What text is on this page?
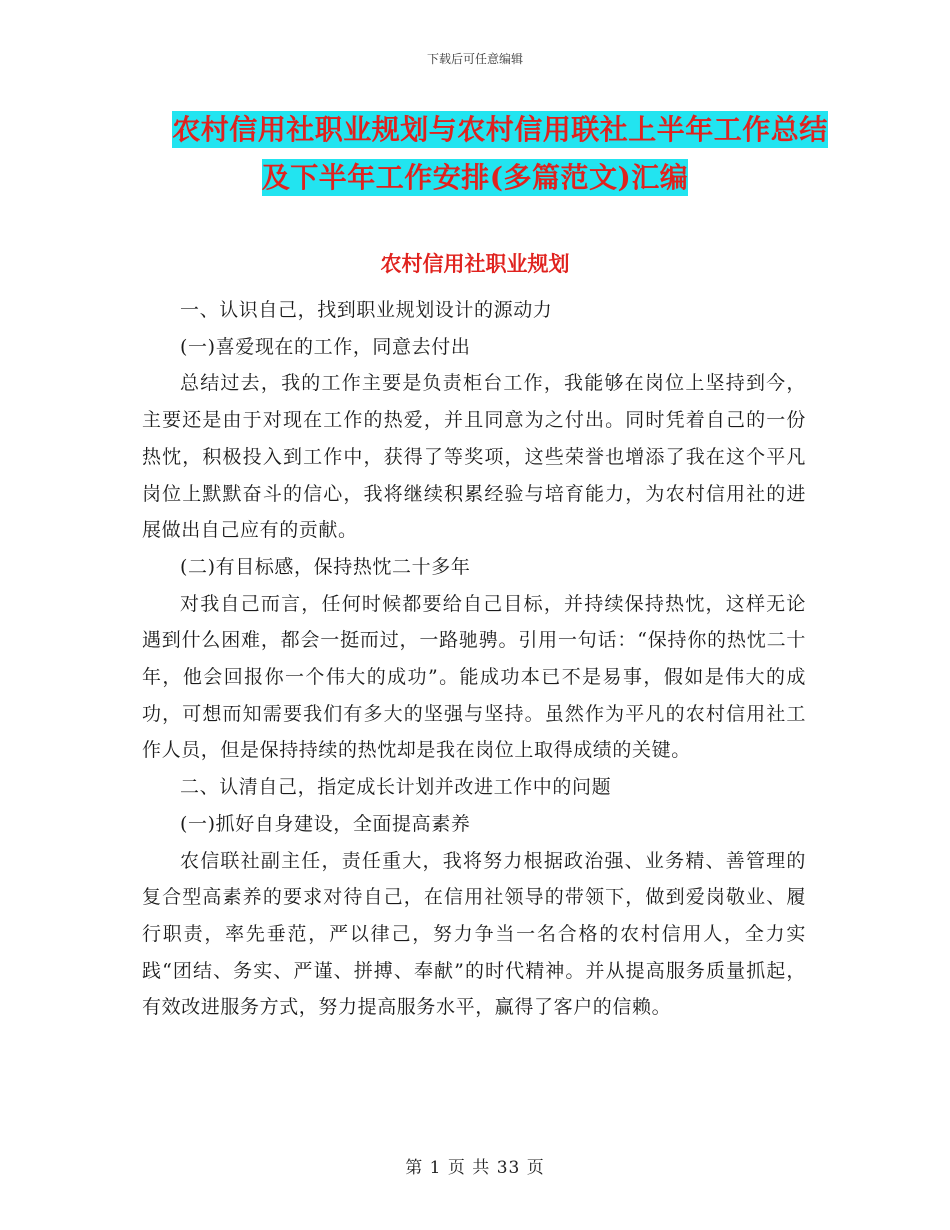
下载后可任意编辑
农村信用社职业规划与农村信用联社上半年工作总结
及下半年工作安排(多篇范文)汇编
农村信用社职业规划

一、认识自己，找到职业规划设计的源动力

(一)喜爱现在的工作，同意去付出

总结过去，我的工作主要是负责柜台工作，我能够在岗位上坚持到今，主要还是由于对现在工作的热爱，并且同意为之付出。同时凭着自己的一份热忱，积极投入到工作中，获得了等奖项，这些荣誉也增添了我在这个平凡岗位上默默奋斗的信心，我将继续积累经验与培育能力，为农村信用社的进展做出自己应有的贡献。

(二)有目标感，保持热忱二十多年

对我自己而言，任何时候都要给自己目标，并持续保持热忱，这样无论遇到什么困难，都会一挺而过，一路驰骋。引用一句话：“保持你的热忱二十年，他会回报你一个伟大的成功”。能成功本已不是易事，假如是伟大的成功，可想而知需要我们有多大的坚强与坚持。虽然作为平凡的农村信用社工作人员，但是保持持续的热忱却是我在岗位上取得成绩的关键。

二、认清自己，指定成长计划并改进工作中的问题

(一)抓好自身建设，全面提高素养

农信联社副主任，责任重大，我将努力根据政治强、业务精、善管理的复合型高素养的要求对待自己，在信用社领导的带领下，做到爱岗敬业、履行职责，率先垂范，严以律己，努力争当一名合格的农村信用人，全力实践“团结、务实、严谨、拼搏、奉献”的时代精神。并从提高服务质量抓起，有效改进服务方式，努力提高服务水平，赢得了客户的信赖。

第 1 页 共 33 页
